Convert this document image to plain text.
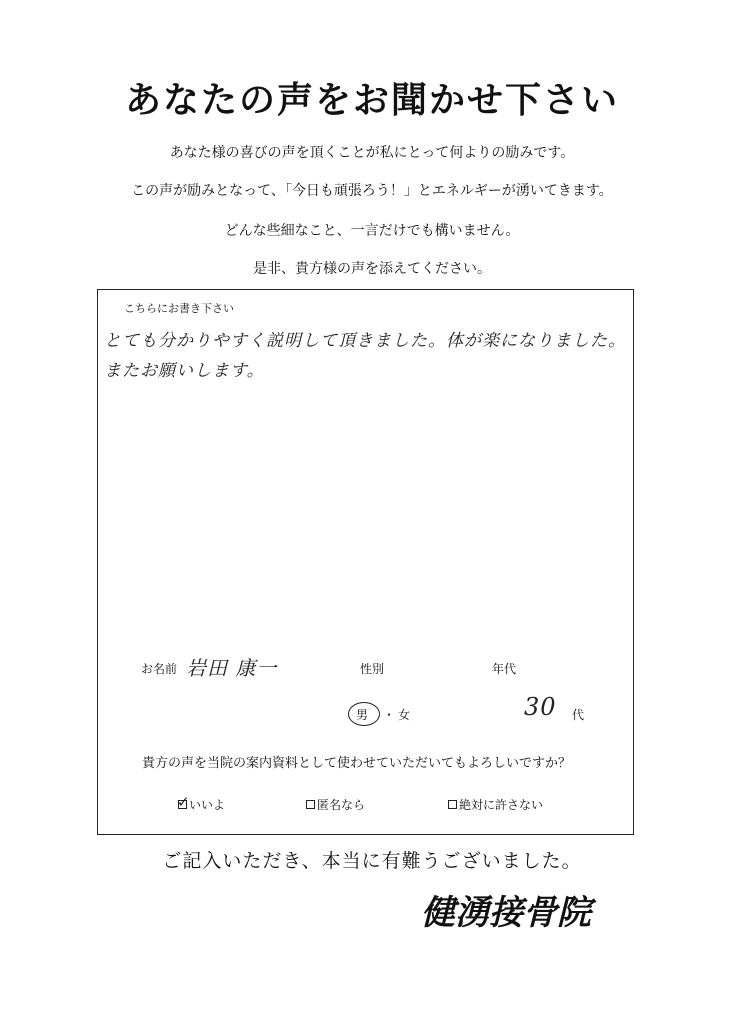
あなたの声をお聞かせ下さい
あなた様の喜びの声を頂くことが私にとって何よりの励みです。
この声が励みとなって、「今日も頑張ろう！」とエネルギーが湧いてきます。
どんな些細なこと、一言だけでも構いません。
是非、貴方様の声を添えてください。
こちらにお書き下さい
とても分かりやすく説明して頂きました。体が楽になりました。
またお願いします。
お名前 岩田 康一	性別	年代
男 ・ 女	30 代
貴方の声を当院の案内資料として使わせていただいてもよろしいですか？
✓ いいよ	匿名なら	絶対に許さない
ご記入いただき、本当に有難うございました。
健湧接骨院
